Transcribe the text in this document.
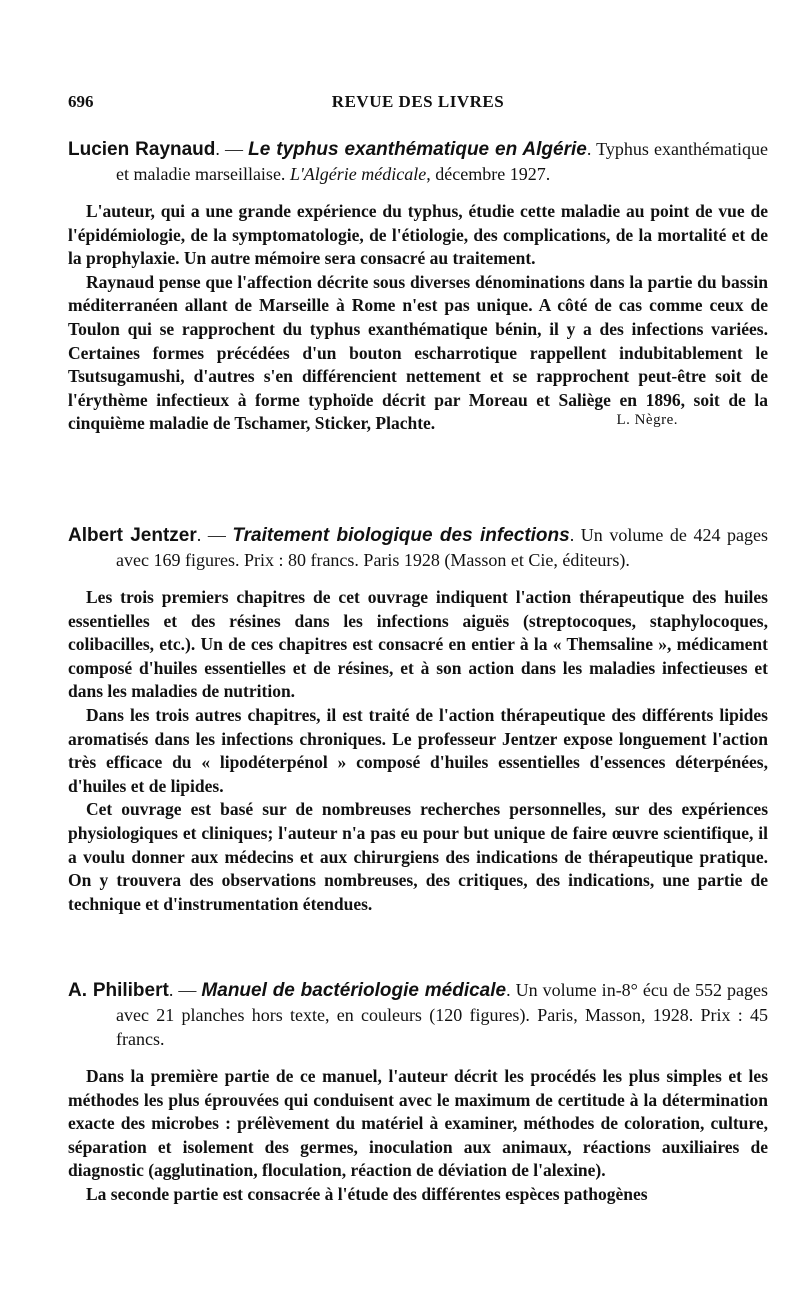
696	REVUE DES LIVRES

Lucien Raynaud. — Le typhus exanthématique en Algérie. Typhus exanthématique et maladie marseillaise. L'Algérie médicale, décembre 1927.

L'auteur, qui a une grande expérience du typhus, étudie cette maladie au point de vue de l'épidémiologie, de la symptomatologie, de l'étiologie, des complications, de la mortalité et de la prophylaxie. Un autre mémoire sera consacré au traitement.

Raynaud pense que l'affection décrite sous diverses dénominations dans la partie du bassin méditerranéen allant de Marseille à Rome n'est pas unique. A côté de cas comme ceux de Toulon qui se rapprochent du typhus exanthématique bénin, il y a des infections variées. Certaines formes précédées d'un bouton escharrotique rappellent indubitablement le Tsutsugamushi, d'autres s'en différencient nettement et se rapprochent peut-être soit de l'érythème infectieux à forme typhoïde décrit par Moreau et Saliège en 1896, soit de la cinquième maladie de Tschamer, Sticker, Plachte.	L. Nègre.

Albert Jentzer. — Traitement biologique des infections. Un volume de 424 pages avec 169 figures. Prix : 80 francs. Paris 1928 (Masson et Cie, éditeurs).

Les trois premiers chapitres de cet ouvrage indiquent l'action thérapeutique des huiles essentielles et des résines dans les infections aiguës (streptocoques, staphylocoques, colibacilles, etc.). Un de ces chapitres est consacré en entier à la « Themsaline », médicament composé d'huiles essentielles et de résines, et à son action dans les maladies infectieuses et dans les maladies de nutrition.

Dans les trois autres chapitres, il est traité de l'action thérapeutique des différents lipides aromatisés dans les infections chroniques. Le professeur Jentzer expose longuement l'action très efficace du « lipodéterpénol » composé d'huiles essentielles d'essences déterpénées, d'huiles et de lipides.

Cet ouvrage est basé sur de nombreuses recherches personnelles, sur des expériences physiologiques et cliniques; l'auteur n'a pas eu pour but unique de faire œuvre scientifique, il a voulu donner aux médecins et aux chirurgiens des indications de thérapeutique pratique. On y trouvera des observations nombreuses, des critiques, des indications, une partie de technique et d'instrumentation étendues.

A. Philibert. — Manuel de bactériologie médicale. Un volume in-8° écu de 552 pages avec 21 planches hors texte, en couleurs (120 figures). Paris, Masson, 1928. Prix : 45 francs.

Dans la première partie de ce manuel, l'auteur décrit les procédés les plus simples et les méthodes les plus éprouvées qui conduisent avec le maximum de certitude à la détermination exacte des microbes : prélèvement du matériel à examiner, méthodes de coloration, culture, séparation et isolement des germes, inoculation aux animaux, réactions auxiliaires de diagnostic (agglutination, floculation, réaction de déviation de l'alexine).

La seconde partie est consacrée à l'étude des différentes espèces pathogènes
